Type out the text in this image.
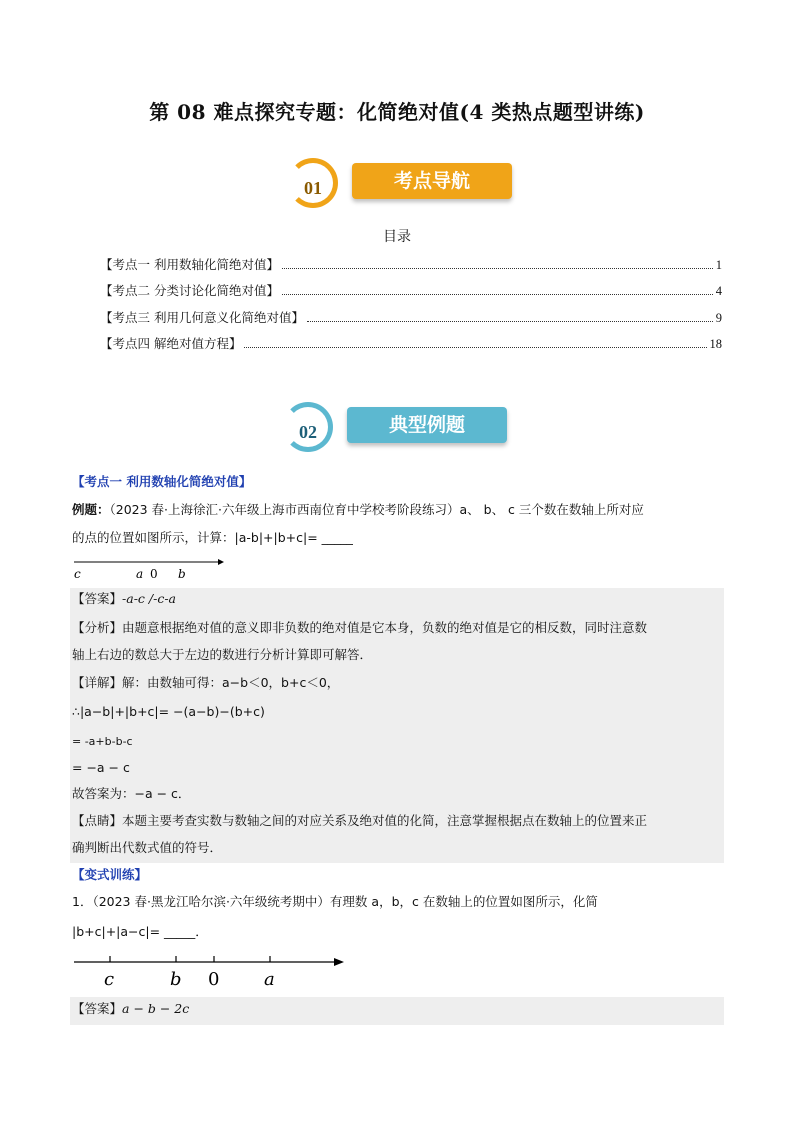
第 08 难点探究专题：化简绝对值(4 类热点题型讲练)
01	考点导航
目录
【考点一 利用数轴化简绝对值】	1
【考点二 分类讨论化简绝对值】	4
【考点三 利用几何意义化简绝对值】	9
【考点四 解绝对值方程】	18
02	典型例题
【考点一 利用数轴化简绝对值】
例题：（2023 春·上海徐汇·六年级上海市西南位育中学校考阶段练习）a、 b、 c 三个数在数轴上所对应
的点的位置如图所示，计算：|a-b|+|b+c|= _____
c	a 0 b
【答案】-a-c /-c-a
【分析】由题意根据绝对值的意义即非负数的绝对值是它本身，负数的绝对值是它的相反数，同时注意数
轴上右边的数总大于左边的数进行分析计算即可解答．
【详解】解：由数轴可得：a−b＜0，b+c＜0，
∴|a−b|+|b+c|= −(a−b)−(b+c)
= -a+b-b-c
= −a − c
故答案为：−a − c．
【点睛】本题主要考查实数与数轴之间的对应关系及绝对值的化简，注意掌握根据点在数轴上的位置来正
确判断出代数式值的符号．
【变式训练】
1．（2023 春·黑龙江哈尔滨·六年级统考期中）有理数 a，b，c 在数轴上的位置如图所示，化简
|b+c|+|a−c|= _____．
c	b 0 a
【答案】a − b − 2c
